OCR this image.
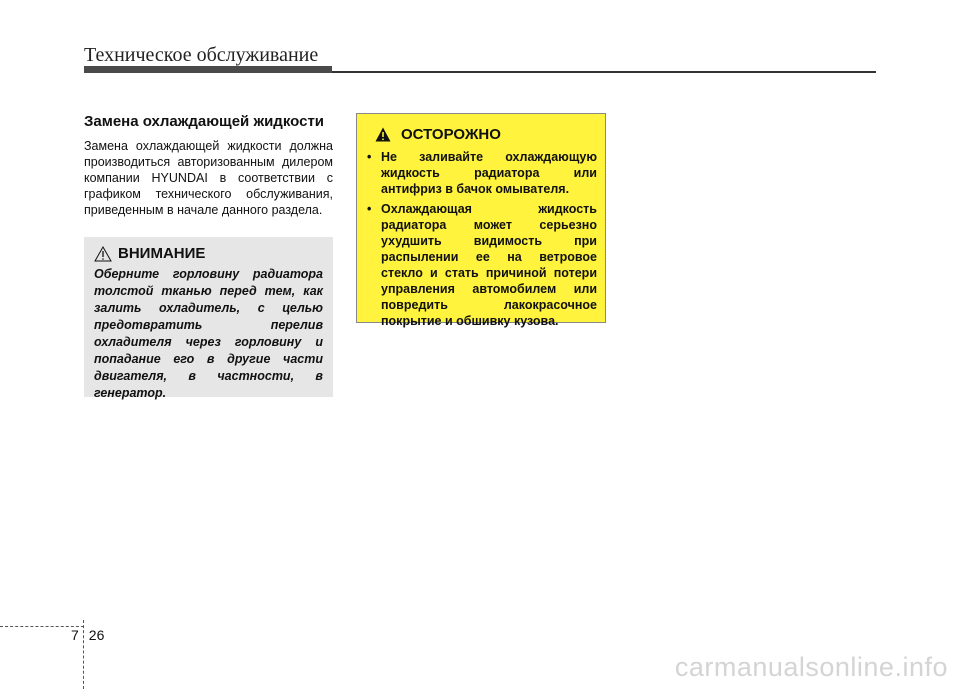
Техническое обслуживание
Замена охлаждающей жидкости

Замена охлаждающей жидкости должна производиться авторизованным дилером компании HYUNDAI в соответствии с графиком технического обслуживания, приведенным в начале данного раздела.

ВНИМАНИЕ

Оберните горловину радиатора толстой тканью перед тем, как залить охладитель, с целью предотвратить перелив охладителя через горловину и попадание его в другие части двигателя, в частности, в генератор.

ОСТОРОЖНО
• Не заливайте охлаждающую жидкость радиатора или антифриз в бачок омывателя.
• Охлаждающая жидкость радиатора может серьезно ухудшить видимость при распылении ее на ветровое стекло и стать причиной потери управления автомобилем или повредить лакокрасочное покрытие и обшивку кузова.
7 26
carmanualsonline.info
